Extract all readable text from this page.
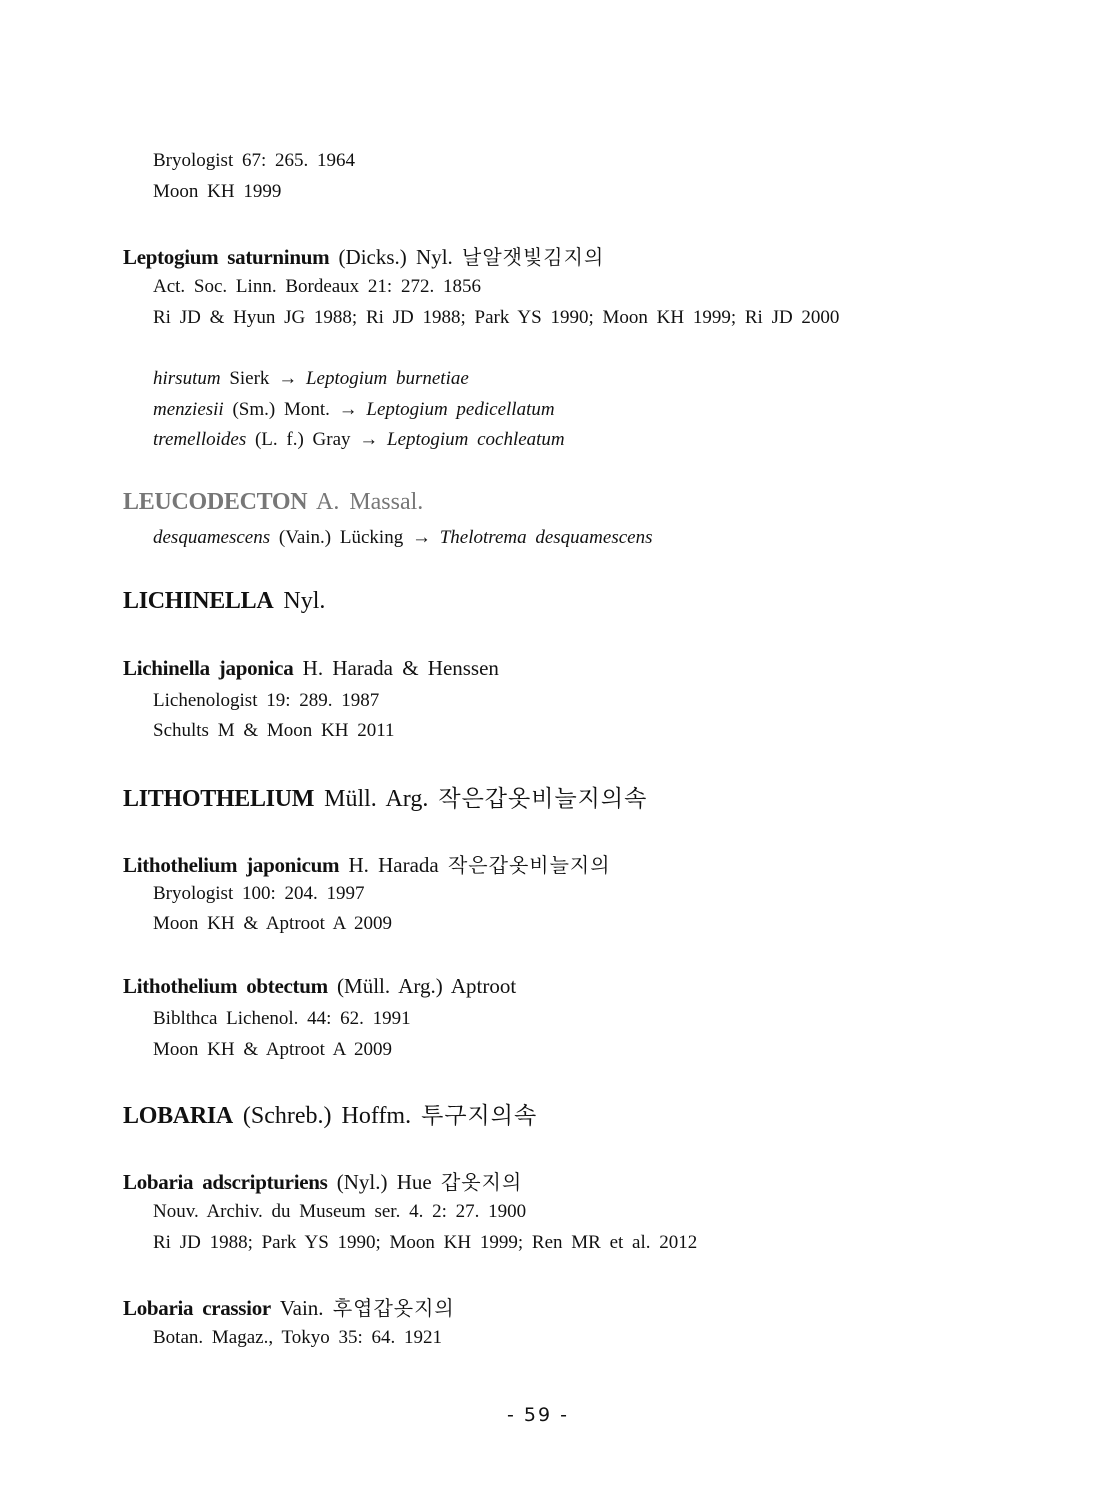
Bryologist 67: 265. 1964
Moon KH 1999
Leptogium saturninum (Dicks.) Nyl. 날알잿빛김지의
Act. Soc. Linn. Bordeaux 21: 272. 1856
Ri JD & Hyun JG 1988; Ri JD 1988; Park YS 1990; Moon KH 1999; Ri JD 2000
hirsutum Sierk → Leptogium burnetiae
menziesii (Sm.) Mont. → Leptogium pedicellatum
tremelloides (L. f.) Gray → Leptogium cochleatum
LEUCODECTON A. Massal.
desquamescens (Vain.) Lücking → Thelotrema desquamescens
LICHINELLA Nyl.
Lichinella japonica H. Harada & Henssen
Lichenologist 19: 289. 1987
Schults M & Moon KH 2011
LITHOTHELIUM Müll. Arg. 작은갑옷비늘지의속
Lithothelium japonicum H. Harada 작은갑옷비늘지의
Bryologist 100: 204. 1997
Moon KH & Aptroot A 2009
Lithothelium obtectum (Müll. Arg.) Aptroot
Biblthca Lichenol. 44: 62. 1991
Moon KH & Aptroot A 2009
LOBARIA (Schreb.) Hoffm. 투구지의속
Lobaria adscripturiens (Nyl.) Hue 갑옷지의
Nouv. Archiv. du Museum ser. 4. 2: 27. 1900
Ri JD 1988; Park YS 1990; Moon KH 1999; Ren MR et al. 2012
Lobaria crassior Vain. 후엽갑옷지의
Botan. Magaz., Tokyo 35: 64. 1921
- 59 -
